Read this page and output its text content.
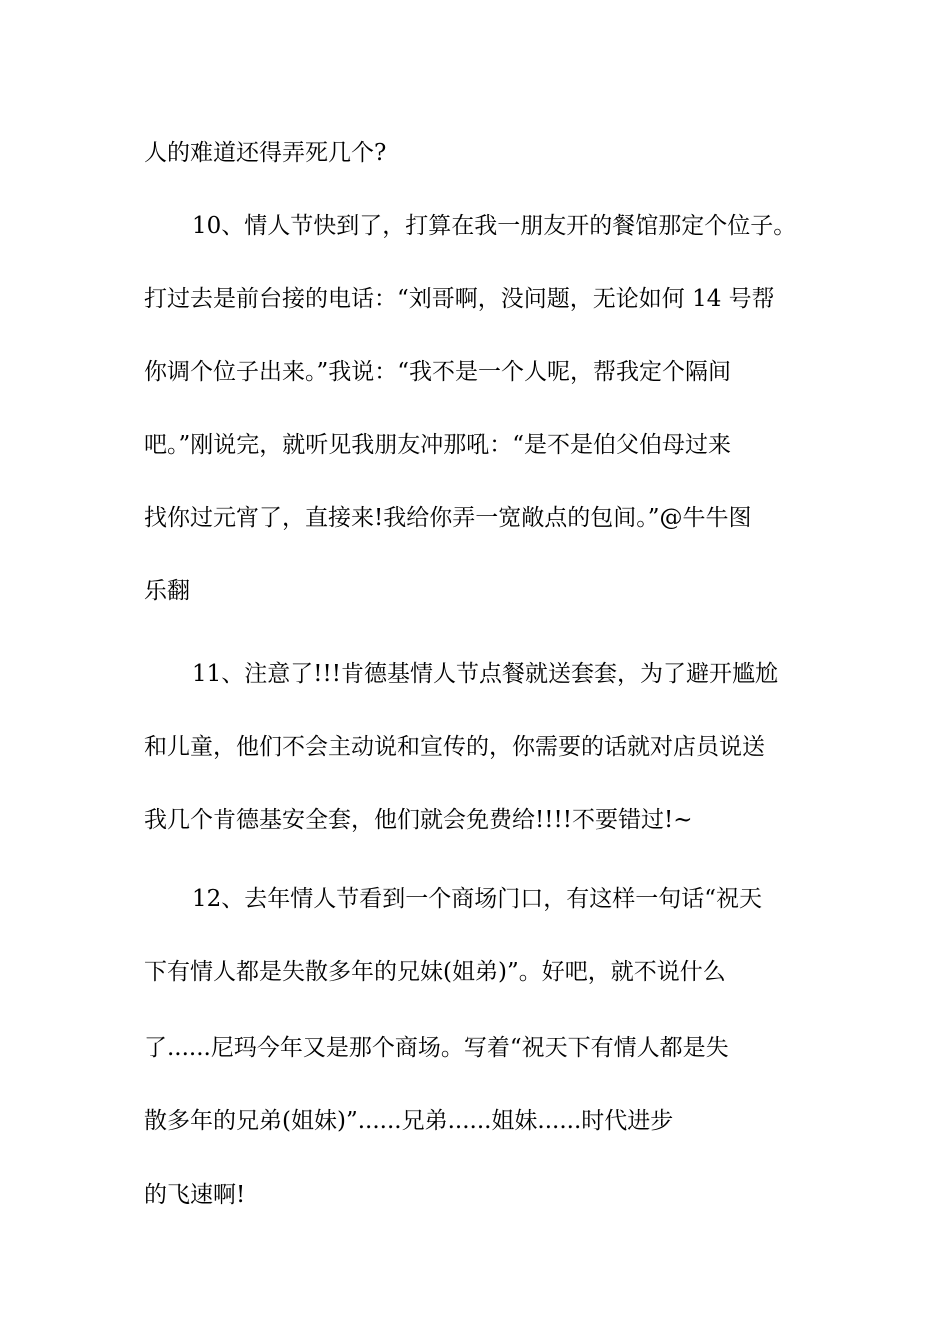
人的难道还得弄死几个?

10、情人节快到了，打算在我一朋友开的餐馆那定个位子。

打过去是前台接的电话：“刘哥啊，没问题，无论如何 14 号帮

你调个位子出来。”我说：“我不是一个人呢，帮我定个隔间

吧。”刚说完，就听见我朋友冲那吼：“是不是伯父伯母过来

找你过元宵了，直接来!我给你弄一宽敞点的包间。”@牛牛图

乐翻

11、注意了!!!肯德基情人节点餐就送套套，为了避开尴尬

和儿童，他们不会主动说和宣传的，你需要的话就对店员说送

我几个肯德基安全套，他们就会免费给!!!!不要错过!~

12、去年情人节看到一个商场门口，有这样一句话“祝天

下有情人都是失散多年的兄妹(姐弟)”。好吧，就不说什么

了......尼玛今年又是那个商场。写着“祝天下有情人都是失

散多年的兄弟(姐妹)”......兄弟......姐妹......时代进步

的飞速啊!
